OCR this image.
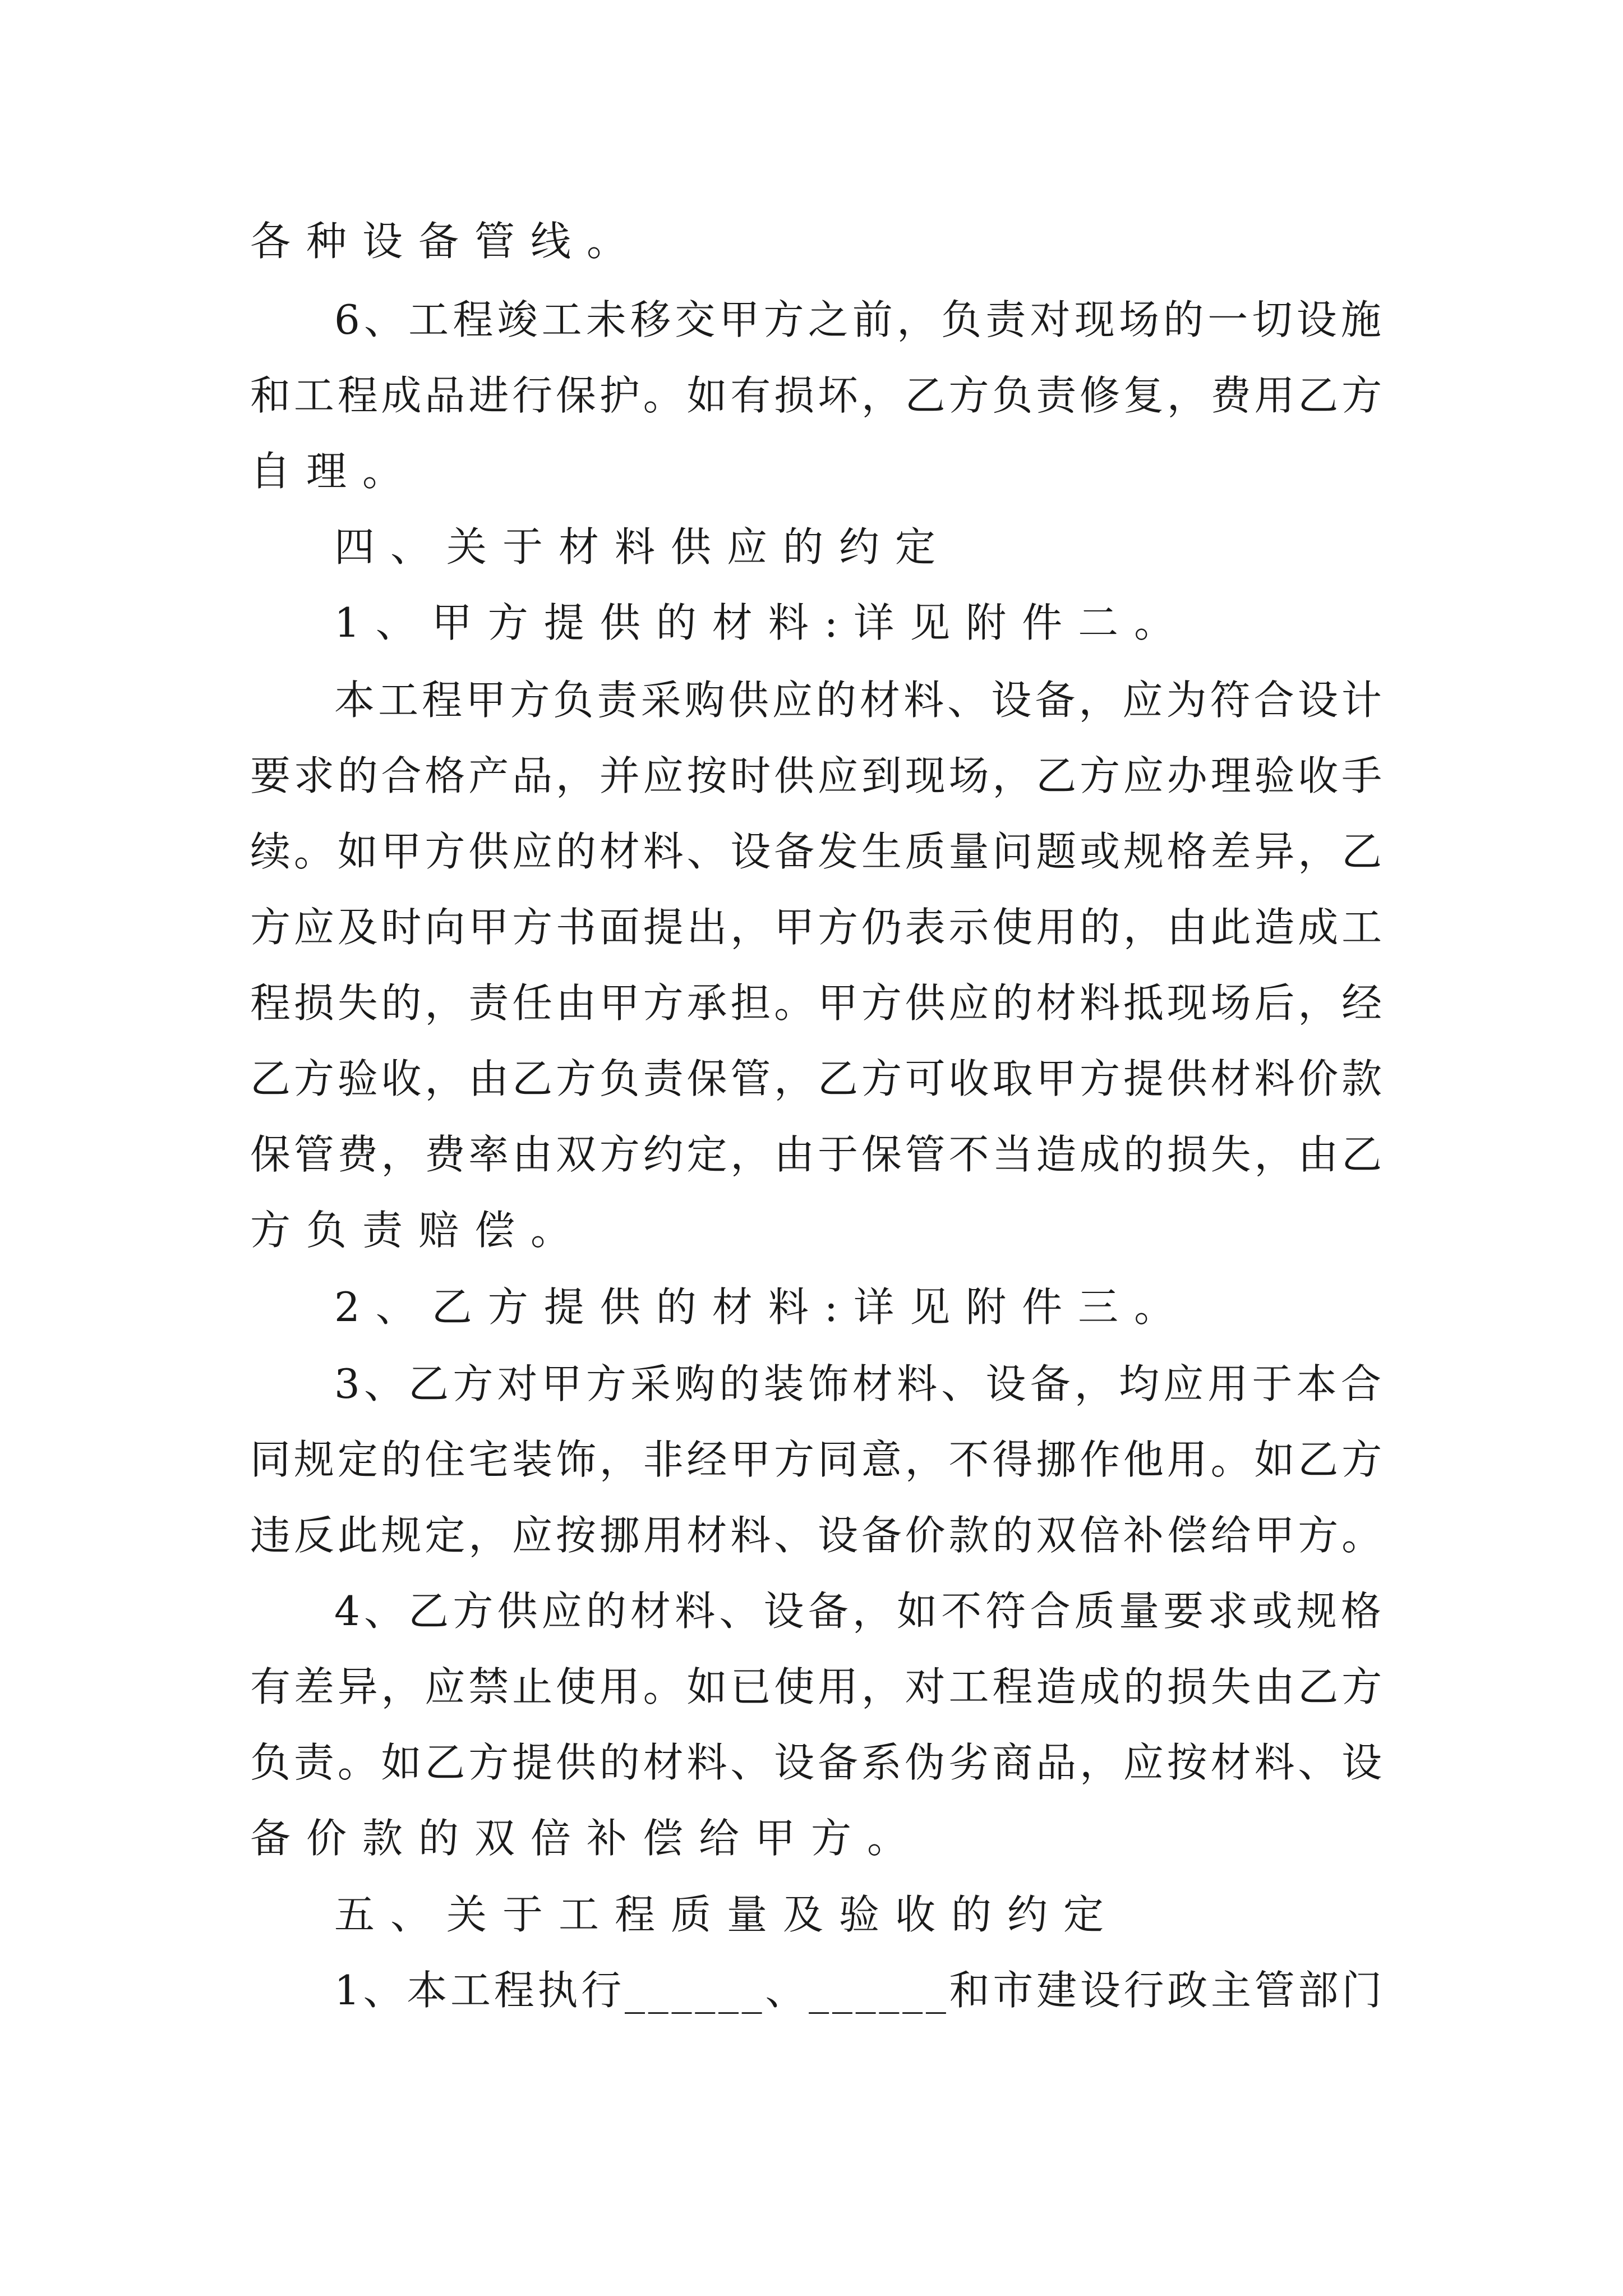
各种设备管线。

6、工程竣工未移交甲方之前，负责对现场的一切设施

和工程成品进行保护。如有损坏，乙方负责修复，费用乙方

自理。

四、关于材料供应的约定

1、甲方提供的材料:详见附件二。

本工程甲方负责采购供应的材料、设备，应为符合设计

要求的合格产品，并应按时供应到现场，乙方应办理验收手

续。如甲方供应的材料、设备发生质量问题或规格差异，乙

方应及时向甲方书面提出，甲方仍表示使用的，由此造成工

程损失的，责任由甲方承担。甲方供应的材料抵现场后，经

乙方验收，由乙方负责保管，乙方可收取甲方提供材料价款

保管费，费率由双方约定，由于保管不当造成的损失，由乙

方负责赔偿。

2、乙方提供的材料:详见附件三。

3、乙方对甲方采购的装饰材料、设备，均应用于本合

同规定的住宅装饰，非经甲方同意，不得挪作他用。如乙方

违反此规定，应按挪用材料、设备价款的双倍补偿给甲方。

4、乙方供应的材料、设备，如不符合质量要求或规格

有差异，应禁止使用。如已使用，对工程造成的损失由乙方

负责。如乙方提供的材料、设备系伪劣商品，应按材料、设

备价款的双倍补偿给甲方。

五、关于工程质量及验收的约定

1、本工程执行______、______和市建设行政主管部门
